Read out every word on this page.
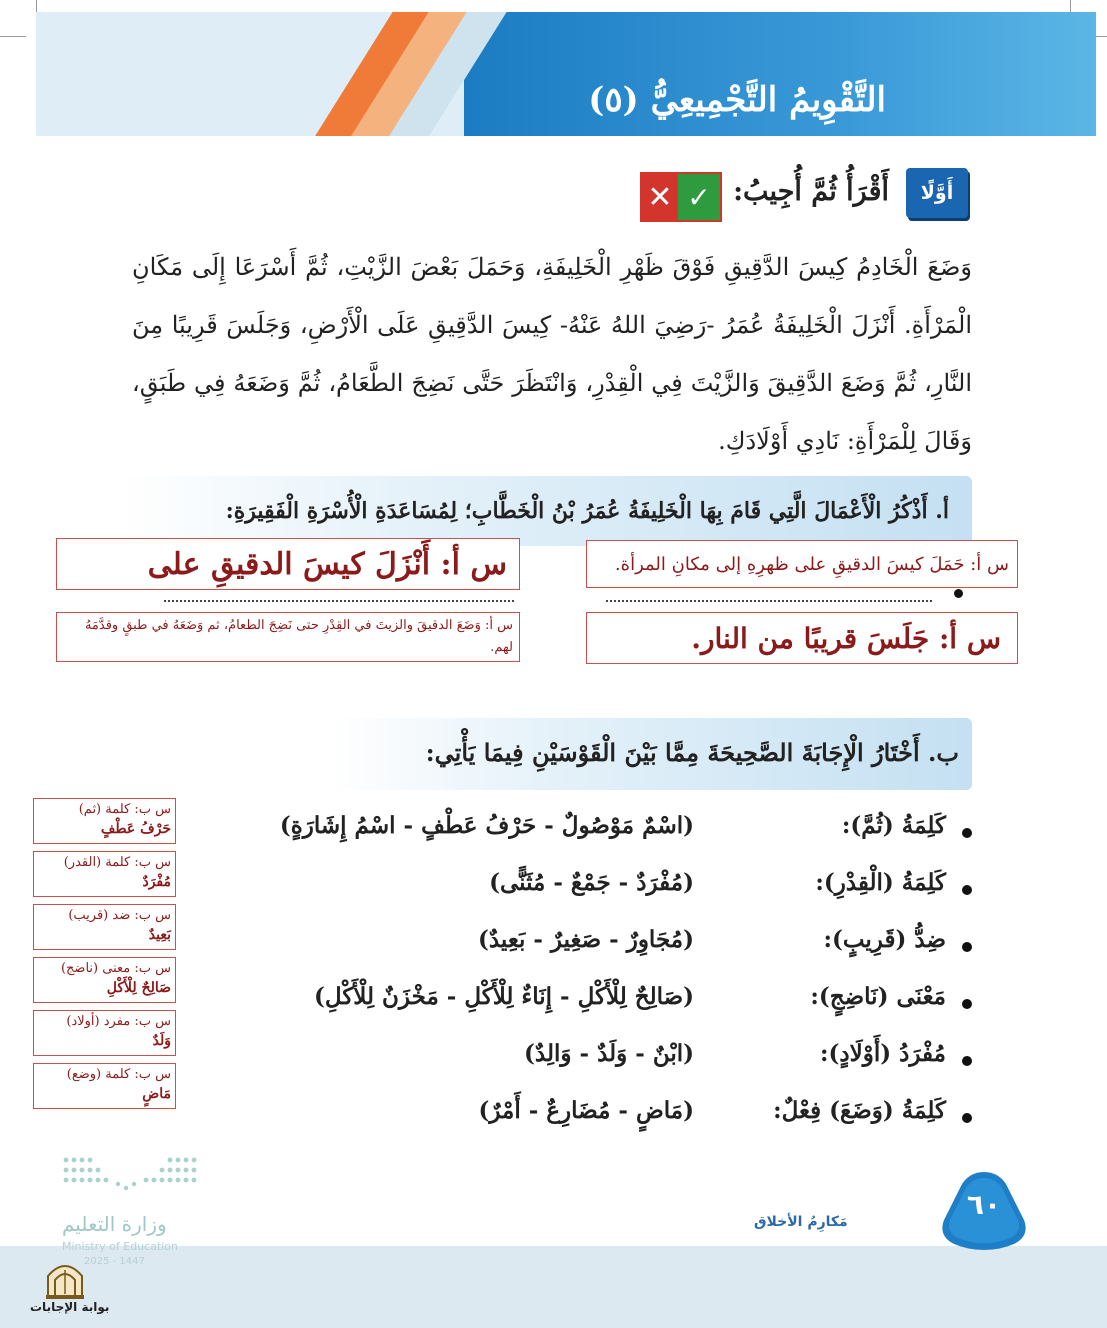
التَّقْوِيمُ التَّجْمِيعِيُّ (٥)
أَوَّلًا
أَقْرَأُ ثُمَّ أُجِيبُ:
✕ ✓
وَضَعَ الْخَادِمُ كِيسَ الدَّقِيقِ فَوْقَ ظَهْرِ الْخَلِيفَةِ، وَحَمَلَ بَعْضَ الزَّيْتِ، ثُمَّ أَسْرَعَا إِلَى مَكَانِ الْمَرْأَةِ. أَنْزَلَ الْخَلِيفَةُ عُمَرُ -رَضِيَ اللهُ عَنْهُ- كِيسَ الدَّقِيقِ عَلَى الْأَرْضِ، وَجَلَسَ قَرِيبًا مِنَ النَّارِ، ثُمَّ وَضَعَ الدَّقِيقَ وَالزَّيْتَ فِي الْقِدْرِ، وَانْتَظَرَ حَتَّى نَضِجَ الطَّعَامُ، ثُمَّ وَضَعَهُ فِي طَبَقٍ، وَقَالَ لِلْمَرْأَةِ: نَادِي أَوْلَادَكِ.
أ. أَذْكُرُ الْأَعْمَالَ الَّتِي قَامَ بِهَا الْخَلِيفَةُ عُمَرُ بْنُ الْخَطَّابِ؛ لِمُسَاعَدَةِ الْأُسْرَةِ الْفَقِيرَةِ:
س أ: حَمَلَ كيسَ الدقيقِ على ظهرِهِ إلى مكانِ المرأة.
س أ: أَنْزَلَ كيسَ الدقيقِ على
س أ: جَلَسَ قريبًا من النار.
س أ: وَضَعَ الدقيقَ والزيتَ في القِدْرِ حتى نَضِجَ الطعامُ، ثم وَضَعَهُ في طبقٍ وقدَّمَهُ لهم.
ب. أَخْتَارُ الْإِجَابَةَ الصَّحِيحَةَ مِمَّا بَيْنَ الْقَوْسَيْنِ فِيمَا يَأْتِي:
كَلِمَةُ (ثُمَّ):
(اسْمٌ مَوْصُولٌ - حَرْفُ عَطْفٍ - اسْمُ إِشَارَةٍ)
كَلِمَةُ (الْقِدْرِ):
(مُفْرَدٌ - جَمْعٌ - مُثَنًّى)
ضِدُّ (قَرِيبٍ):
(مُجَاوِرٌ - صَغِيرٌ - بَعِيدٌ)
مَعْنَى (نَاضِجٍ):
(صَالِحٌ لِلْأَكْلِ - إِنَاءٌ لِلْأَكْلِ - مَخْزَنٌ لِلْأَكْلِ)
مُفْرَدُ (أَوْلَادٍ):
(ابْنٌ - وَلَدٌ - وَالِدٌ)
كَلِمَةُ (وَضَعَ) فِعْلٌ:
(مَاضٍ - مُضَارِعٌ - أَمْرٌ)
س ب: كلمة (ثم)
حَرْفُ عَطْفٍ
س ب: كلمة (القدر)
مُفْرَدٌ
س ب: ضد (قريب)
بَعِيدٌ
س ب: معنى (ناضج)
صَالِحٌ لِلْأَكْلِ
س ب: مفرد (أولاد)
وَلَدٌ
س ب: كلمة (وضع)
مَاضٍ
وزارة التعليم
Ministry of Education
2025 - 1447
بوابة الإجابات
مَكارِمُ الأخلاق
٦٠
